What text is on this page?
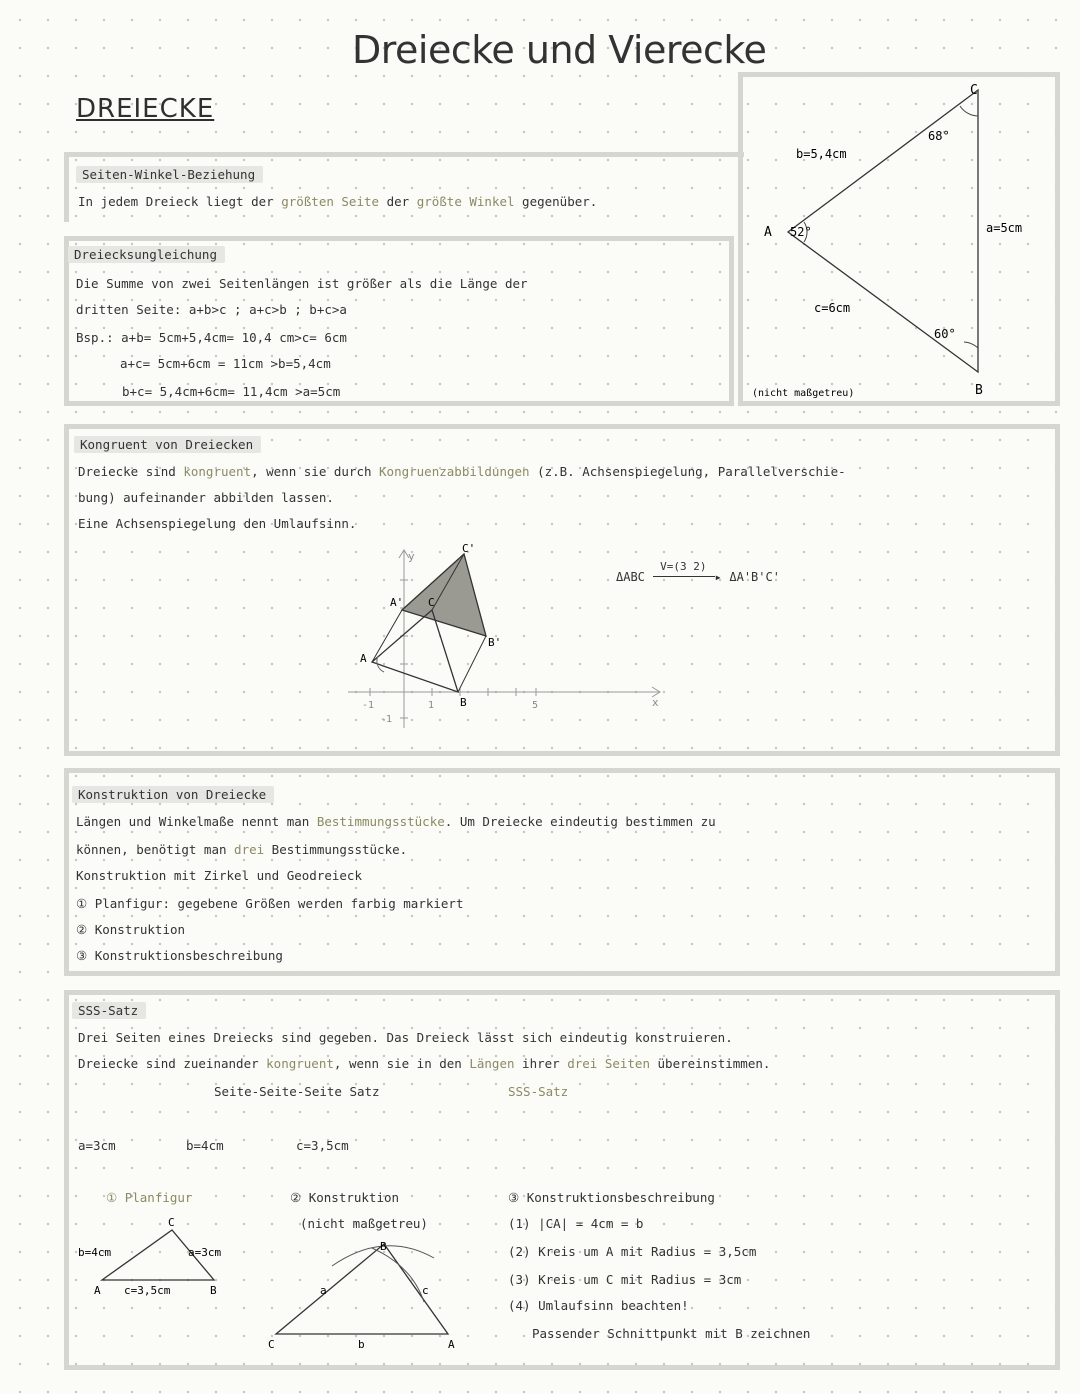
Dreiecke und Vierecke
DREIECKE
Seiten-Winkel-Beziehung
In jedem Dreieck liegt der größten Seite der größte Winkel gegenüber.
Dreiecksungleichung
Die Summe von zwei Seitenlängen ist größer als die Länge der
dritten Seite: a+b>c ; a+c>b ; b+c>a
Bsp.: a+b= 5cm+5,4cm= 10,4 cm>c= 6cm
a+c= 5cm+6cm = 11cm >b=5,4cm
b+c= 5,4cm+6cm= 11,4cm >a=5cm
A
B
C
52°
60°
68°
a=5cm
b=5,4cm
c=6cm
(nicht maßgetreu)
Kongruent von Dreiecken
Dreiecke sind kongruent, wenn sie durch Kongruenzabbildungen (z.B. Achsenspiegelung, Parallelverschie-
bung) aufeinander abbilden lassen.
Eine Achsenspiegelung den Umlaufsinn.
ΔABC
V=(3 2)
▸ ΔA'B'C'
A
B
C
A'
B'
C'
y
x
-1	1	5
-1
Konstruktion von Dreiecke
Längen und Winkelmaße nennt man Bestimmungsstücke. Um Dreiecke eindeutig bestimmen zu
können, benötigt man drei Bestimmungsstücke.
Konstruktion mit Zirkel und Geodreieck
① Planfigur: gegebene Größen werden farbig markiert
② Konstruktion
③ Konstruktionsbeschreibung
SSS-Satz
Drei Seiten eines Dreiecks sind gegeben. Das Dreieck lässt sich eindeutig konstruieren.
Dreiecke sind zueinander kongruent, wenn sie in den Längen ihrer drei Seiten übereinstimmen.
Seite-Seite-Seite Satz	SSS-Satz
a=3cm	b=4cm	c=3,5cm
① Planfigur	② Konstruktion
(nicht maßgetreu)
③ Konstruktionsbeschreibung
(1) |CA| = 4cm = b
(2) Kreis um A mit Radius = 3,5cm
(3) Kreis um C mit Radius = 3cm
(4) Umlaufsinn beachten!
Passender Schnittpunkt mit B zeichnen
C
A	B
b=4cm	a=3cm
c=3,5cm
B
C	A
a
b
c
